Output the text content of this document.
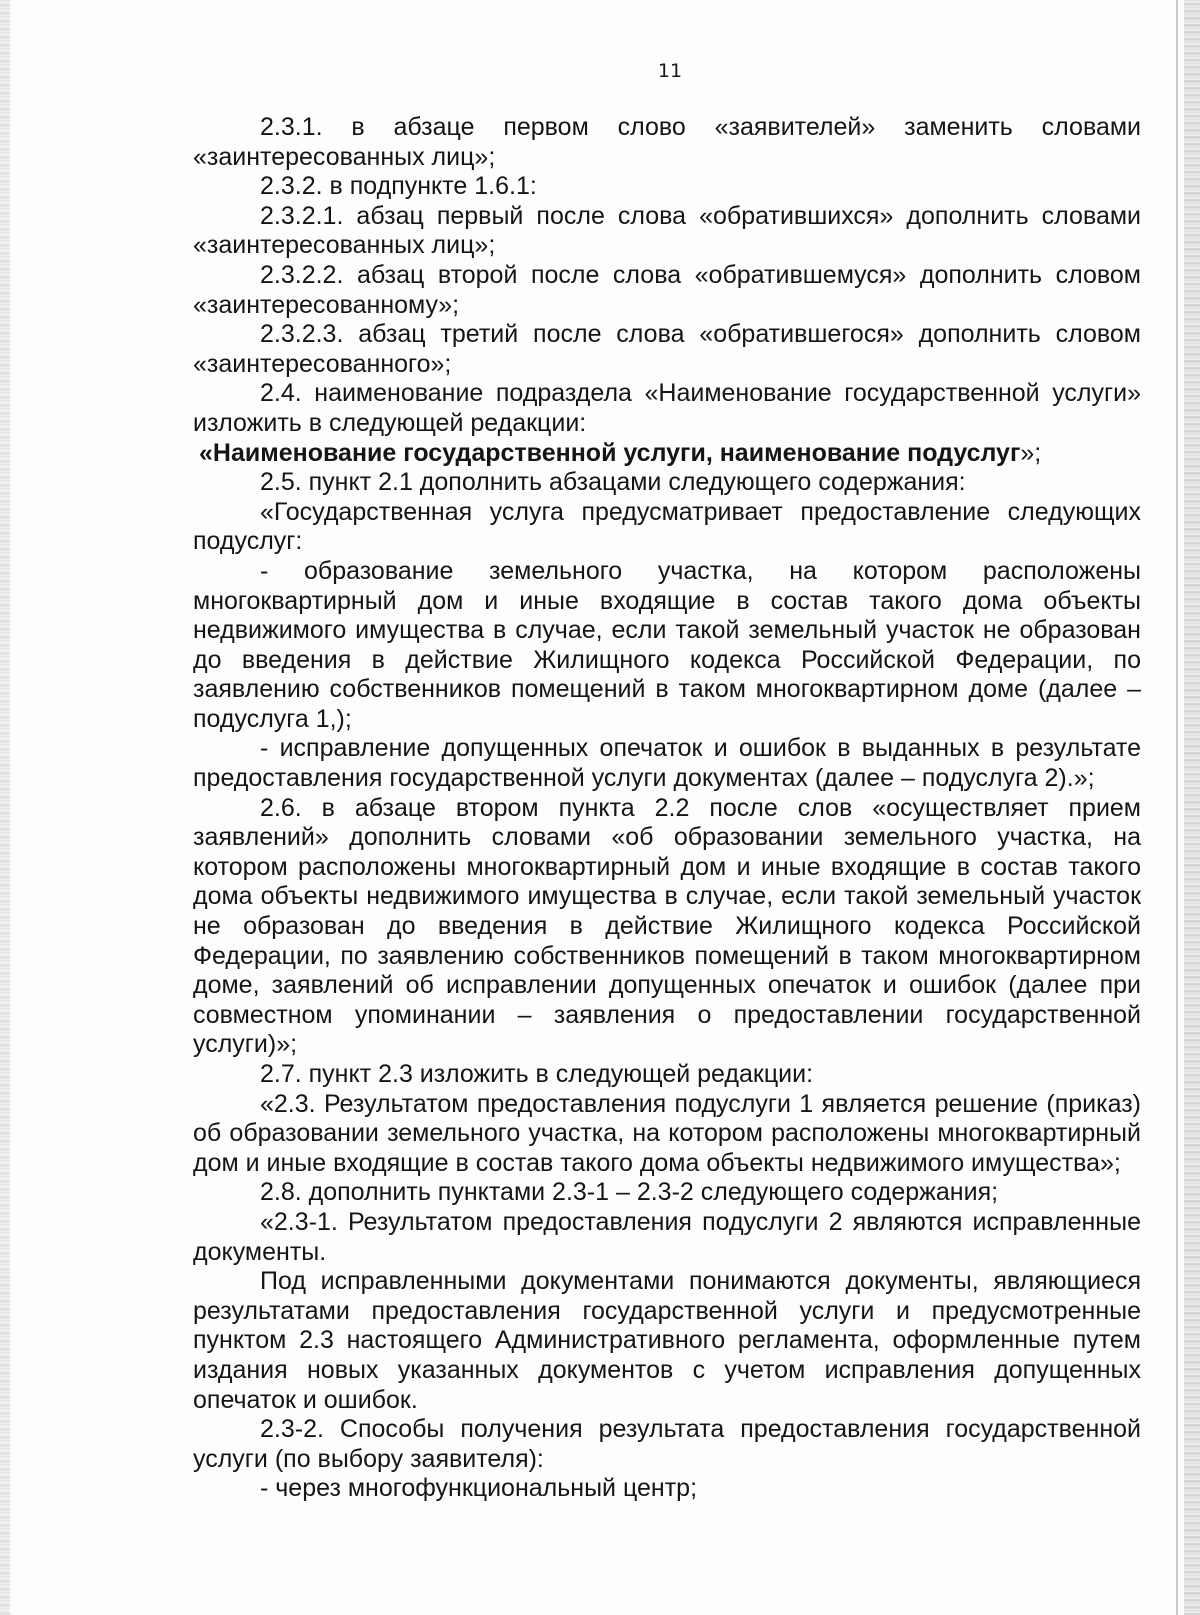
11

2.3.1. в абзаце первом слово «заявителей» заменить словами «заинтересованных лиц»;

2.3.2. в подпункте 1.6.1:

2.3.2.1. абзац первый после слова «обратившихся» дополнить словами «заинтересованных лиц»;

2.3.2.2. абзац второй после слова «обратившемуся» дополнить словом «заинтересованному»;

2.3.2.3. абзац третий после слова «обратившегося» дополнить словом «заинтересованного»;

2.4. наименование подраздела «Наименование государственной услуги» изложить в следующей редакции:

«Наименование государственной услуги, наименование подуслуг»;

2.5. пункт 2.1 дополнить абзацами следующего содержания:

«Государственная услуга предусматривает предоставление следующих подуслуг:

- образование земельного участка, на котором расположены многоквартирный дом и иные входящие в состав такого дома объекты недвижимого имущества в случае, если такой земельный участок не образован до введения в действие Жилищного кодекса Российской Федерации, по заявлению собственников помещений в таком многоквартирном доме (далее – подуслуга 1,);

- исправление допущенных опечаток и ошибок в выданных в результате предоставления государственной услуги документах (далее – подуслуга 2).»;

2.6. в абзаце втором пункта 2.2 после слов «осуществляет прием заявлений» дополнить словами «об образовании земельного участка, на котором расположены многоквартирный дом и иные входящие в состав такого дома объекты недвижимого имущества в случае, если такой земельный участок не образован до введения в действие Жилищного кодекса Российской Федерации, по заявлению собственников помещений в таком многоквартирном доме, заявлений об исправлении допущенных опечаток и ошибок (далее при совместном упоминании – заявления о предоставлении государственной услуги)»;

2.7. пункт 2.3 изложить в следующей редакции:

«2.3. Результатом предоставления подуслуги 1 является решение (приказ) об образовании земельного участка, на котором расположены многоквартирный дом и иные входящие в состав такого дома объекты недвижимого имущества»;

2.8. дополнить пунктами 2.3-1 – 2.3-2 следующего содержания;

«2.3-1. Результатом предоставления подуслуги 2 являются исправленные документы.

Под исправленными документами понимаются документы, являющиеся результатами предоставления государственной услуги и предусмотренные пунктом 2.3 настоящего Административного регламента, оформленные путем издания новых указанных документов с учетом исправления допущенных опечаток и ошибок.

2.3-2. Способы получения результата предоставления государственной услуги (по выбору заявителя):

- через многофункциональный центр;
